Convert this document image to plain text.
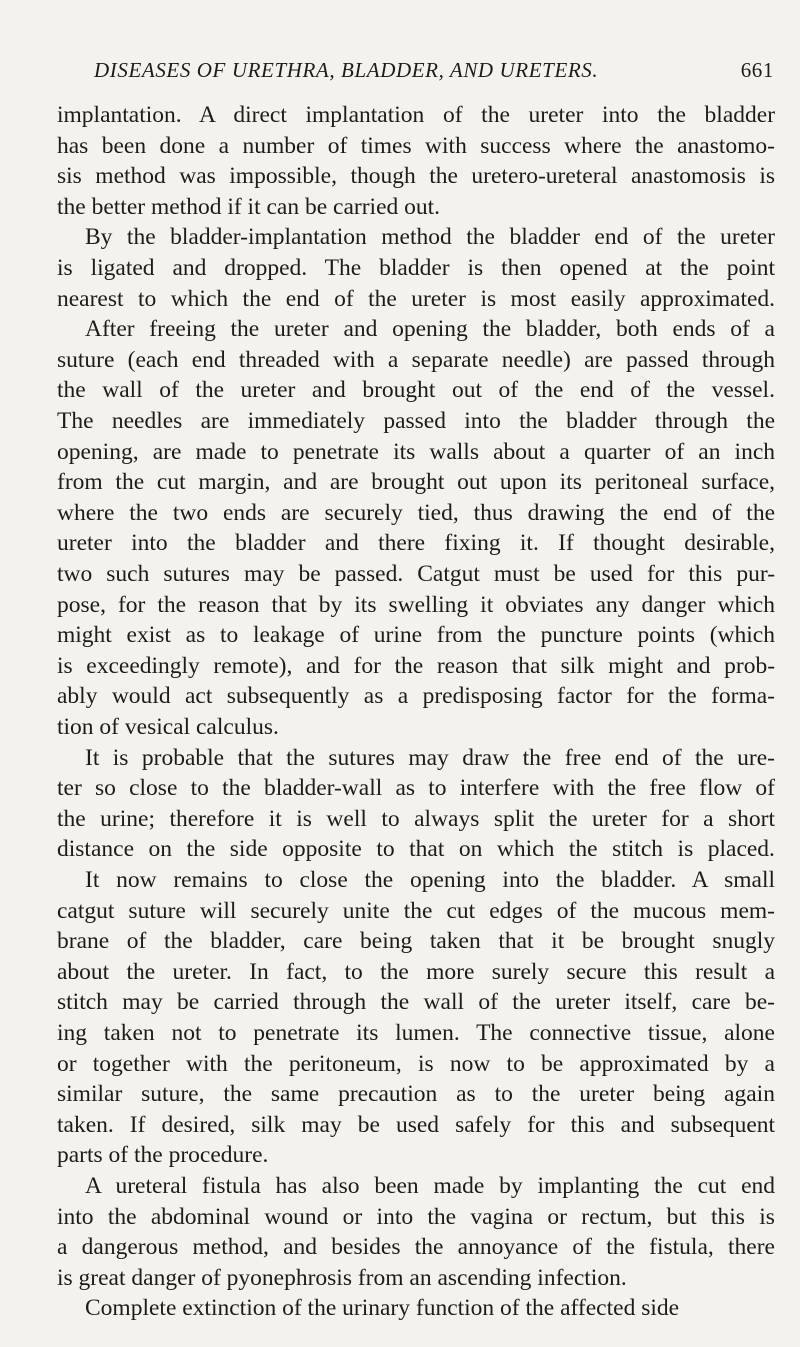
DISEASES OF URETHRA, BLADDER, AND URETERS.	661
implantation. A direct implantation of the ureter into the bladder
has been done a number of times with success where the anastomo-
sis method was impossible, though the uretero-ureteral anastomosis is
the better method if it can be carried out.
By the bladder-implantation method the bladder end of the ureter
is ligated and dropped. The bladder is then opened at the point
nearest to which the end of the ureter is most easily approximated.
After freeing the ureter and opening the bladder, both ends of a
suture (each end threaded with a separate needle) are passed through
the wall of the ureter and brought out of the end of the vessel.
The needles are immediately passed into the bladder through the
opening, are made to penetrate its walls about a quarter of an inch
from the cut margin, and are brought out upon its peritoneal surface,
where the two ends are securely tied, thus drawing the end of the
ureter into the bladder and there fixing it. If thought desirable,
two such sutures may be passed. Catgut must be used for this pur-
pose, for the reason that by its swelling it obviates any danger which
might exist as to leakage of urine from the puncture points (which
is exceedingly remote), and for the reason that silk might and prob-
ably would act subsequently as a predisposing factor for the forma-
tion of vesical calculus.
It is probable that the sutures may draw the free end of the ure-
ter so close to the bladder-wall as to interfere with the free flow of
the urine; therefore it is well to always split the ureter for a short
distance on the side opposite to that on which the stitch is placed.
It now remains to close the opening into the bladder. A small
catgut suture will securely unite the cut edges of the mucous mem-
brane of the bladder, care being taken that it be brought snugly
about the ureter. In fact, to the more surely secure this result a
stitch may be carried through the wall of the ureter itself, care be-
ing taken not to penetrate its lumen. The connective tissue, alone
or together with the peritoneum, is now to be approximated by a
similar suture, the same precaution as to the ureter being again
taken. If desired, silk may be used safely for this and subsequent
parts of the procedure.
A ureteral fistula has also been made by implanting the cut end
into the abdominal wound or into the vagina or rectum, but this is
a dangerous method, and besides the annoyance of the fistula, there
is great danger of pyonephrosis from an ascending infection.
Complete extinction of the urinary function of the affected side
